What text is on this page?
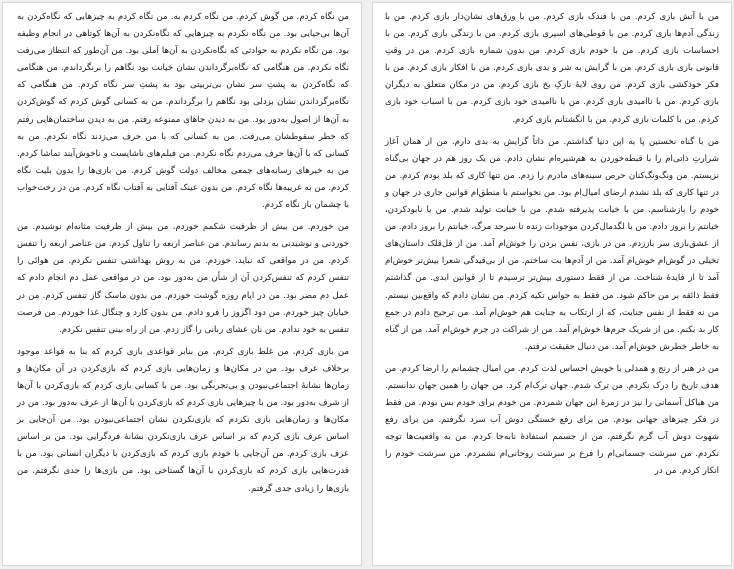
من نگاه کردم. من گوش کردم. من نگاه کردم به. من نگاه کردم به چیزهایی که نگاه‌کردن به آن‌ها بی‌حیایی بود. من نگاه نکردم به چیزهایی که نگاه‌نکردن به آن‌ها کوتاهی در انجام وظیفه بود. من نگاه نکردم به حوادثی که نگاه‌نکردن به آن‌ها اَملی بود. من آن‌طور که انتظار می‌رفت نگاه نکردم. من هنگامی که نگاه‌برگرداندن نشان خیانت بود نگاهم را برنگرداندم. من هنگامی که نگاه‌کردن به پشتِ سر نشان بی‌تربیتی بود به پشتِ سر نگاه کردم. من هنگامی که نگاه‌برگرداندن نشان بزدلی بود نگاهم را برگرداندم. من به کسانی گوش کردم که گوش‌کردن به آن‌ها از اصول به‌دور بود. من به دیدن جاهای ممنوعه رفتم. من به دیدن ساختمان‌هایی رفتم که خطر سقوطشان می‌رفت. من به کسانی که با من حرف می‌زدند نگاه نکردم. من به کسانی که با آن‌ها حرف می‌زدم نگاه نکردم. من فیلم‌های ناشایست و ناخوش‌آیند تماشا کردم. من به خبرهای رسانه‌های جمعی مخالف دولت گوش کردم. من بازی‌ها را بدون بلیت نگاه کردم. من به غریبه‌ها نگاه کردم. من بدون عینک آفتابی به آفتاب نگاه کردم. من در رخت‌خواب با چشمان باز نگاه کردم.

من خوردم. من بیش از ظرفیت شکمم خوردم. من بیش از ظرفیت مثانه‌ام نوشیدم. من خوردنی و نوشیدنی به بدنم رساندم. من عناصر اربعه را تناول کردم. من عناصر اربعه را تنفس کردم. من در مواقعی که نباید، خوردم. من به روش بهداشتی تنفس نکردم. من هوائی را تنفس کردم که تنفس‌کردن آن از شأن من به‌دور بود. من در مواقعی عمل دم انجام دادم که عمل دم مضر بود. من در ایام روزه گوشت خوردم. من بدون ماسک گاز تنفس کردم. من در خیابان چیز خوردم. من دود اگزوز را فرو دادم. من بدون کارد و چنگال غذا خوردم. من فرصت تنفس به خود ندادم. من نان عشای ربانی را گاز زدم. من از راه بینی تنفس نکردم.

من بازی کردم. من غلط بازی کردم. من بنابر قواعدی بازی کردم که بنا به قواعد موجود برخلاف عرف بود. من در مکان‌ها و زمان‌هایی بازی کردم که بازی‌کردن در آن مکان‌ها و زمان‌ها نشانهٔ اجتماعی‌نبودن و بی‌تجربگی بود. من با کسانی بازی کردم که بازی‌کردن با آن‌ها از شرف به‌دور بود. من با چیزهایی بازی کردم که بازی‌کردن با آن‌ها از عرف به‌دور بود. من در مکان‌ها و زمان‌هایی بازی نکردم که بازی‌نکردن نشان اجتماعی‌نبودن بود. من آن‌جایی بر اساس عرف بازی کردم که بر اساس عرف بازی‌نکردن نشانهٔ فردگرایی بود. من بر اساس عرف بازی کردم. من آن‌جایی با خودم بازی کردم که بازی‌کردن با دیگران انسانی بود. من با قدرت‌هایی بازی کردم که بازی‌کردن با آن‌ها گستاخی بود. من بازی‌ها را جدی نگرفتم. من بازی‌ها را زیادی جدی گرفتم.

من با آتش بازی کردم. من با فندک بازی کردم. من با ورق‌های نشان‌دار بازی کردم. من با زندگی آدم‌ها بازی کردم. من با قوطی‌های اسپری بازی کردم. من با زندگی بازی کردم. من با احساسات بازی کردم. من با خودم بازی کردم. من بدون شماره بازی کردم. من در وقتِ قانونی بازی بازی کردم. من با گرایش به شر و بدی بازی کردم. من با افکار بازی کردم. من با فکر خودکشی بازی کردم. من روی لایهٔ نازکِ یخ بازی کردم. من در مکان متعلق به دیگران بازی کردم. من با ناامیدی بازی کردم. من با ناامیدی خود بازی کردم. من با اسباب خود بازی کردم. من با کلمات بازی کردم. من با انگشتانم بازی کردم.

من با گناه نخستین پا به این دنیا گذاشتم. من ذاتاً گرایش به بدی دارم. من از همان آغاز شرارتِ ذاتی‌ام را با قبطه‌خوردن به هم‌شیره‌ام نشان دادم. من یک روز هم در جهان بی‌گناه نزیستم. من ونگ‌ونگ‌کنان حرص سینه‌های مادرم را زدم. من تنها کاری که بلد بودم کردم. من در تنها کاری که بلد نشدم ارضای امیال‌ام بود. من نخواستم با منطق‌ام قوانین جاری در جهان و خودم را بازشناسم. من با خیانت پذیرفته شدم. من با خیانت تولید شدم. من با نابودکردن، خیانتم را بروز دادم. من با لگدمال‌کردن موجودات زنده تا سرحد مرگ، خیانتم را بروز دادم. من از عشق‌بازی سر باززدم. من در بازی، نفس بردن را خوش‌ام آمد. من از قل‌قلک داستان‌های تخیلی در گوش‌ام خوش‌ام آمد. من از آدم‌ها بت ساختم. من از بی‌قیدگی شعرا بیش‌تر خوش‌ام آمد تا از فایدهٔ شناخت. من از فقط دستوری بیش‌تر ترسیدم تا از قوانین ابدی. من گذاشتم فقط ذائقه بر من حاکم شود. من فقط به حواس تکیه کردم. من نشان دادم که واقع‌بین نیستم. من نه فقط از نفس جنایت، که از ارتکاب به جنایت هم خوش‌ام آمد. من ترجیح دادم در جمع کار بد بکنم. من از شریک جرم‌ها خوش‌ام آمد. من از شراکت در جرم خوش‌ام آمد. من از گناه به خاطر خطرش خوش‌ام آمد. من دنبال حقیقت نرفتم.

من در هنر از رنج و همدلی با خویش احساس لذت کردم. من امیال چشمانم را ارضا کردم. من هدف تاریخ را درک نکردم. من ترک شدم. جهان ترک‌ام کرد. من جهان را همین جهان ندانستم. من هیاکل آسمانی را نیز در زمرهٔ این جهان شمردم. من خودم برای خودم بس بودم. من فقط در فکر چیزهای جهانی بودم. من برای رفع خستگی دوش آب سرد نگرفتم. من برای رفع شهوت دوش آب گرم نگرفتم. من از جسمم استفادهٔ نابه‌جا کردم. من به واقعیت‌ها توجه نکردم. من سرشت جسمانی‌ام را فرع بر سرشت روحانی‌ام نشمردم. من سرشت خودم را انکار کردم. من در
